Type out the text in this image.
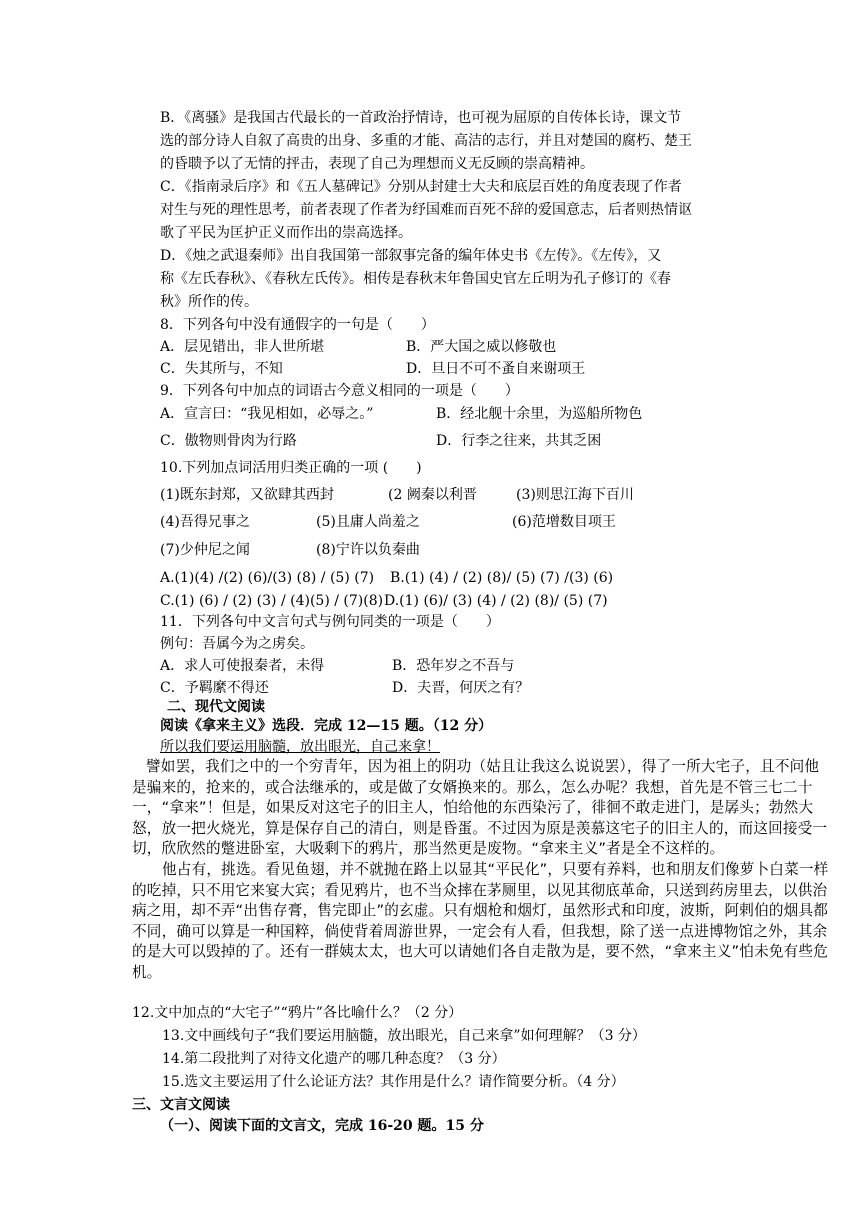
B．《离骚》是我国古代最长的一首政治抒情诗，也可视为屈原的自传体长诗，课文节
选的部分诗人自叙了高贵的出身、多重的才能、高洁的志行，并且对楚国的腐朽、楚王
的昏聩予以了无情的抨击，表现了自己为理想而义无反顾的崇高精神。
C．《指南录后序》和《五人墓碑记》分别从封建士大夫和底层百姓的角度表现了作者
对生与死的理性思考，前者表现了作者为纾国难而百死不辞的爱国意志，后者则热情讴
歌了平民为匡护正义而作出的崇高选择。
D．《烛之武退秦师》出自我国第一部叙事完备的编年体史书《左传》。《左传》，又
称《左氏春秋》、《春秋左氏传》。相传是春秋末年鲁国史官左丘明为孔子修订的《春
秋》所作的传。
8．下列各句中没有通假字的一句是（　　）
A．层见错出，非人世所堪	B．严大国之威以修敬也
C．失其所与，不知	D．旦日不可不蚤自来谢项王
9．下列各句中加点的词语古今意义相同的一项是（　　）
A．宣言曰：“我见相如，必辱之。”	B．经北舰十余里，为巡船所物色
C．傲物则骨肉为行路	D．行李之往来，共其乏困
10.下列加点词活用归类正确的一项 (　　)
(1)既东封郑，又欲肆其西封	(2 阙秦以利晋	(3)则思江海下百川
(4)吾得兄事之	(5)且庸人尚羞之	(6)范增数目项王
(7)少仲尼之闻	(8)宁许以负秦曲
A.(1)(4) /(2) (6)/(3) (8) / (5) (7) B.(1) (4) / (2) (8)/ (5) (7) /(3) (6)
C.(1) (6) / (2) (3) / (4)(5) / (7)(8) D.(1) (6)/ (3) (4) / (2) (8)/ (5) (7)
11．下列各句中文言句式与例句同类的一项是（　　）
例句：吾属今为之虏矣。
A．求人可使报秦者，未得	B．恐年岁之不吾与
C．予羁縻不得还	D．夫晋，何厌之有？
二、现代文阅读
阅读《拿来主义》选段．完成 12—15 题。（12 分）
所以我们要运用脑髓，放出眼光，自己来拿！
譬如罢，我们之中的一个穷青年，因为祖上的阴功（姑且让我这么说说罢），得了一所大宅子，且不问他是骗来的，抢来的，或合法继承的，或是做了女婿换来的。那么，怎么办呢？我想，首先是不管三七二十一，“拿来”！但是，如果反对这宅子的旧主人，怕给他的东西染污了，徘徊不敢走进门，是孱头；勃然大怒，放一把火烧光，算是保存自己的清白，则是昏蛋。不过因为原是羡慕这宅子的旧主人的，而这回接受一切，欣欣然的蹩进卧室，大吸剩下的鸦片，那当然更是废物。“拿来主义”者是全不这样的。
他占有，挑选。看见鱼翅，并不就抛在路上以显其“平民化”，只要有养料，也和朋友们像萝卜白菜一样的吃掉，只不用它来宴大宾；看见鸦片，也不当众摔在茅厕里，以见其彻底革命，只送到药房里去，以供治病之用，却不弄“出售存膏，售完即止”的玄虚。只有烟枪和烟灯，虽然形式和印度，波斯，阿剌伯的烟具都不同，确可以算是一种国粹，倘使背着周游世界，一定会有人看，但我想，除了送一点进博物馆之外，其余的是大可以毁掉的了。还有一群姨太太，也大可以请她们各自走散为是，要不然，“拿来主义”怕未免有些危机。
12.文中加点的“大宅子”“鸦片”各比喻什么？（2 分）
13.文中画线句子“我们要运用脑髓，放出眼光，自己来拿”如何理解？（3 分）
14.第二段批判了对待文化遗产的哪几种态度？（3 分）
15.选文主要运用了什么论证方法？其作用是什么？请作简要分析。（4 分）
三、文言文阅读
（一）、阅读下面的文言文，完成 16-20 题。15 分
